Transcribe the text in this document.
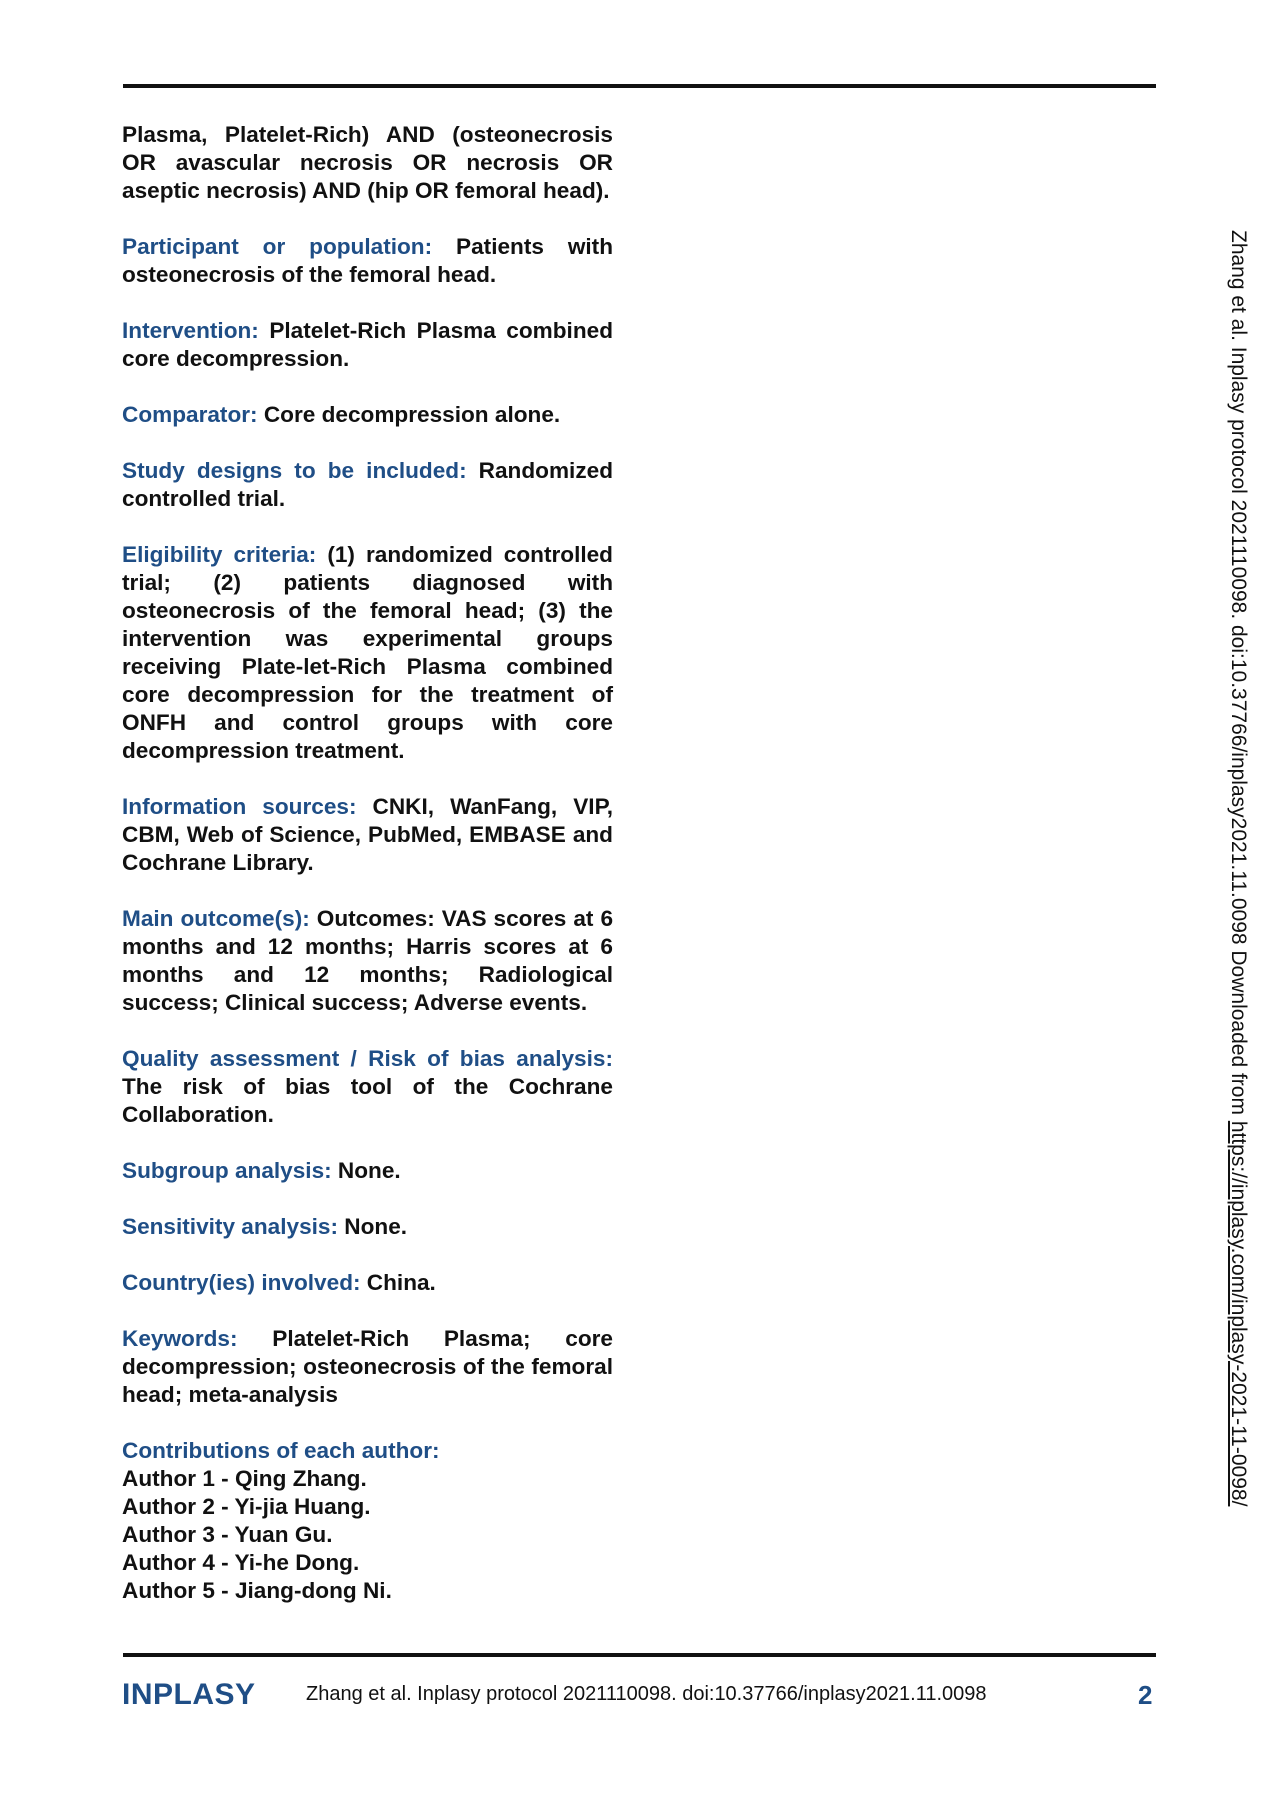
Plasma, Platelet-Rich) AND (osteonecrosis OR avascular necrosis OR necrosis OR aseptic necrosis) AND (hip OR femoral head).

Participant or population: Patients with osteonecrosis of the femoral head.

Intervention: Platelet-Rich Plasma combined core decompression.

Comparator: Core decompression alone.

Study designs to be included: Randomized controlled trial.

Eligibility criteria: (1) randomized controlled trial; (2) patients diagnosed with osteonecrosis of the femoral head; (3) the intervention was experimental groups receiving Plate-let-Rich Plasma combined core decompression for the treatment of ONFH and control groups with core decompression treatment.

Information sources: CNKI, WanFang, VIP, CBM, Web of Science, PubMed, EMBASE and Cochrane Library.

Main outcome(s): Outcomes: VAS scores at 6 months and 12 months; Harris scores at 6 months and 12 months; Radiological success; Clinical success; Adverse events.

Quality assessment / Risk of bias analysis: The risk of bias tool of the Cochrane Collaboration.

Subgroup analysis: None.

Sensitivity analysis: None.

Country(ies) involved: China.

Keywords: Platelet-Rich Plasma; core decompression; osteonecrosis of the femoral head; meta-analysis

Contributions of each author:
Author 1 - Qing Zhang.
Author 2 - Yi-jia Huang.
Author 3 - Yuan Gu.
Author 4 - Yi-he Dong.
Author 5 - Jiang-dong Ni.
Zhang et al. Inplasy protocol 2021110098. doi:10.37766/inplasy2021.11.0098 Downloaded from https://inplasy.com/inplasy-2021-11-0098/
INPLASY	Zhang et al. Inplasy protocol 2021110098. doi:10.37766/inplasy2021.11.0098	2
